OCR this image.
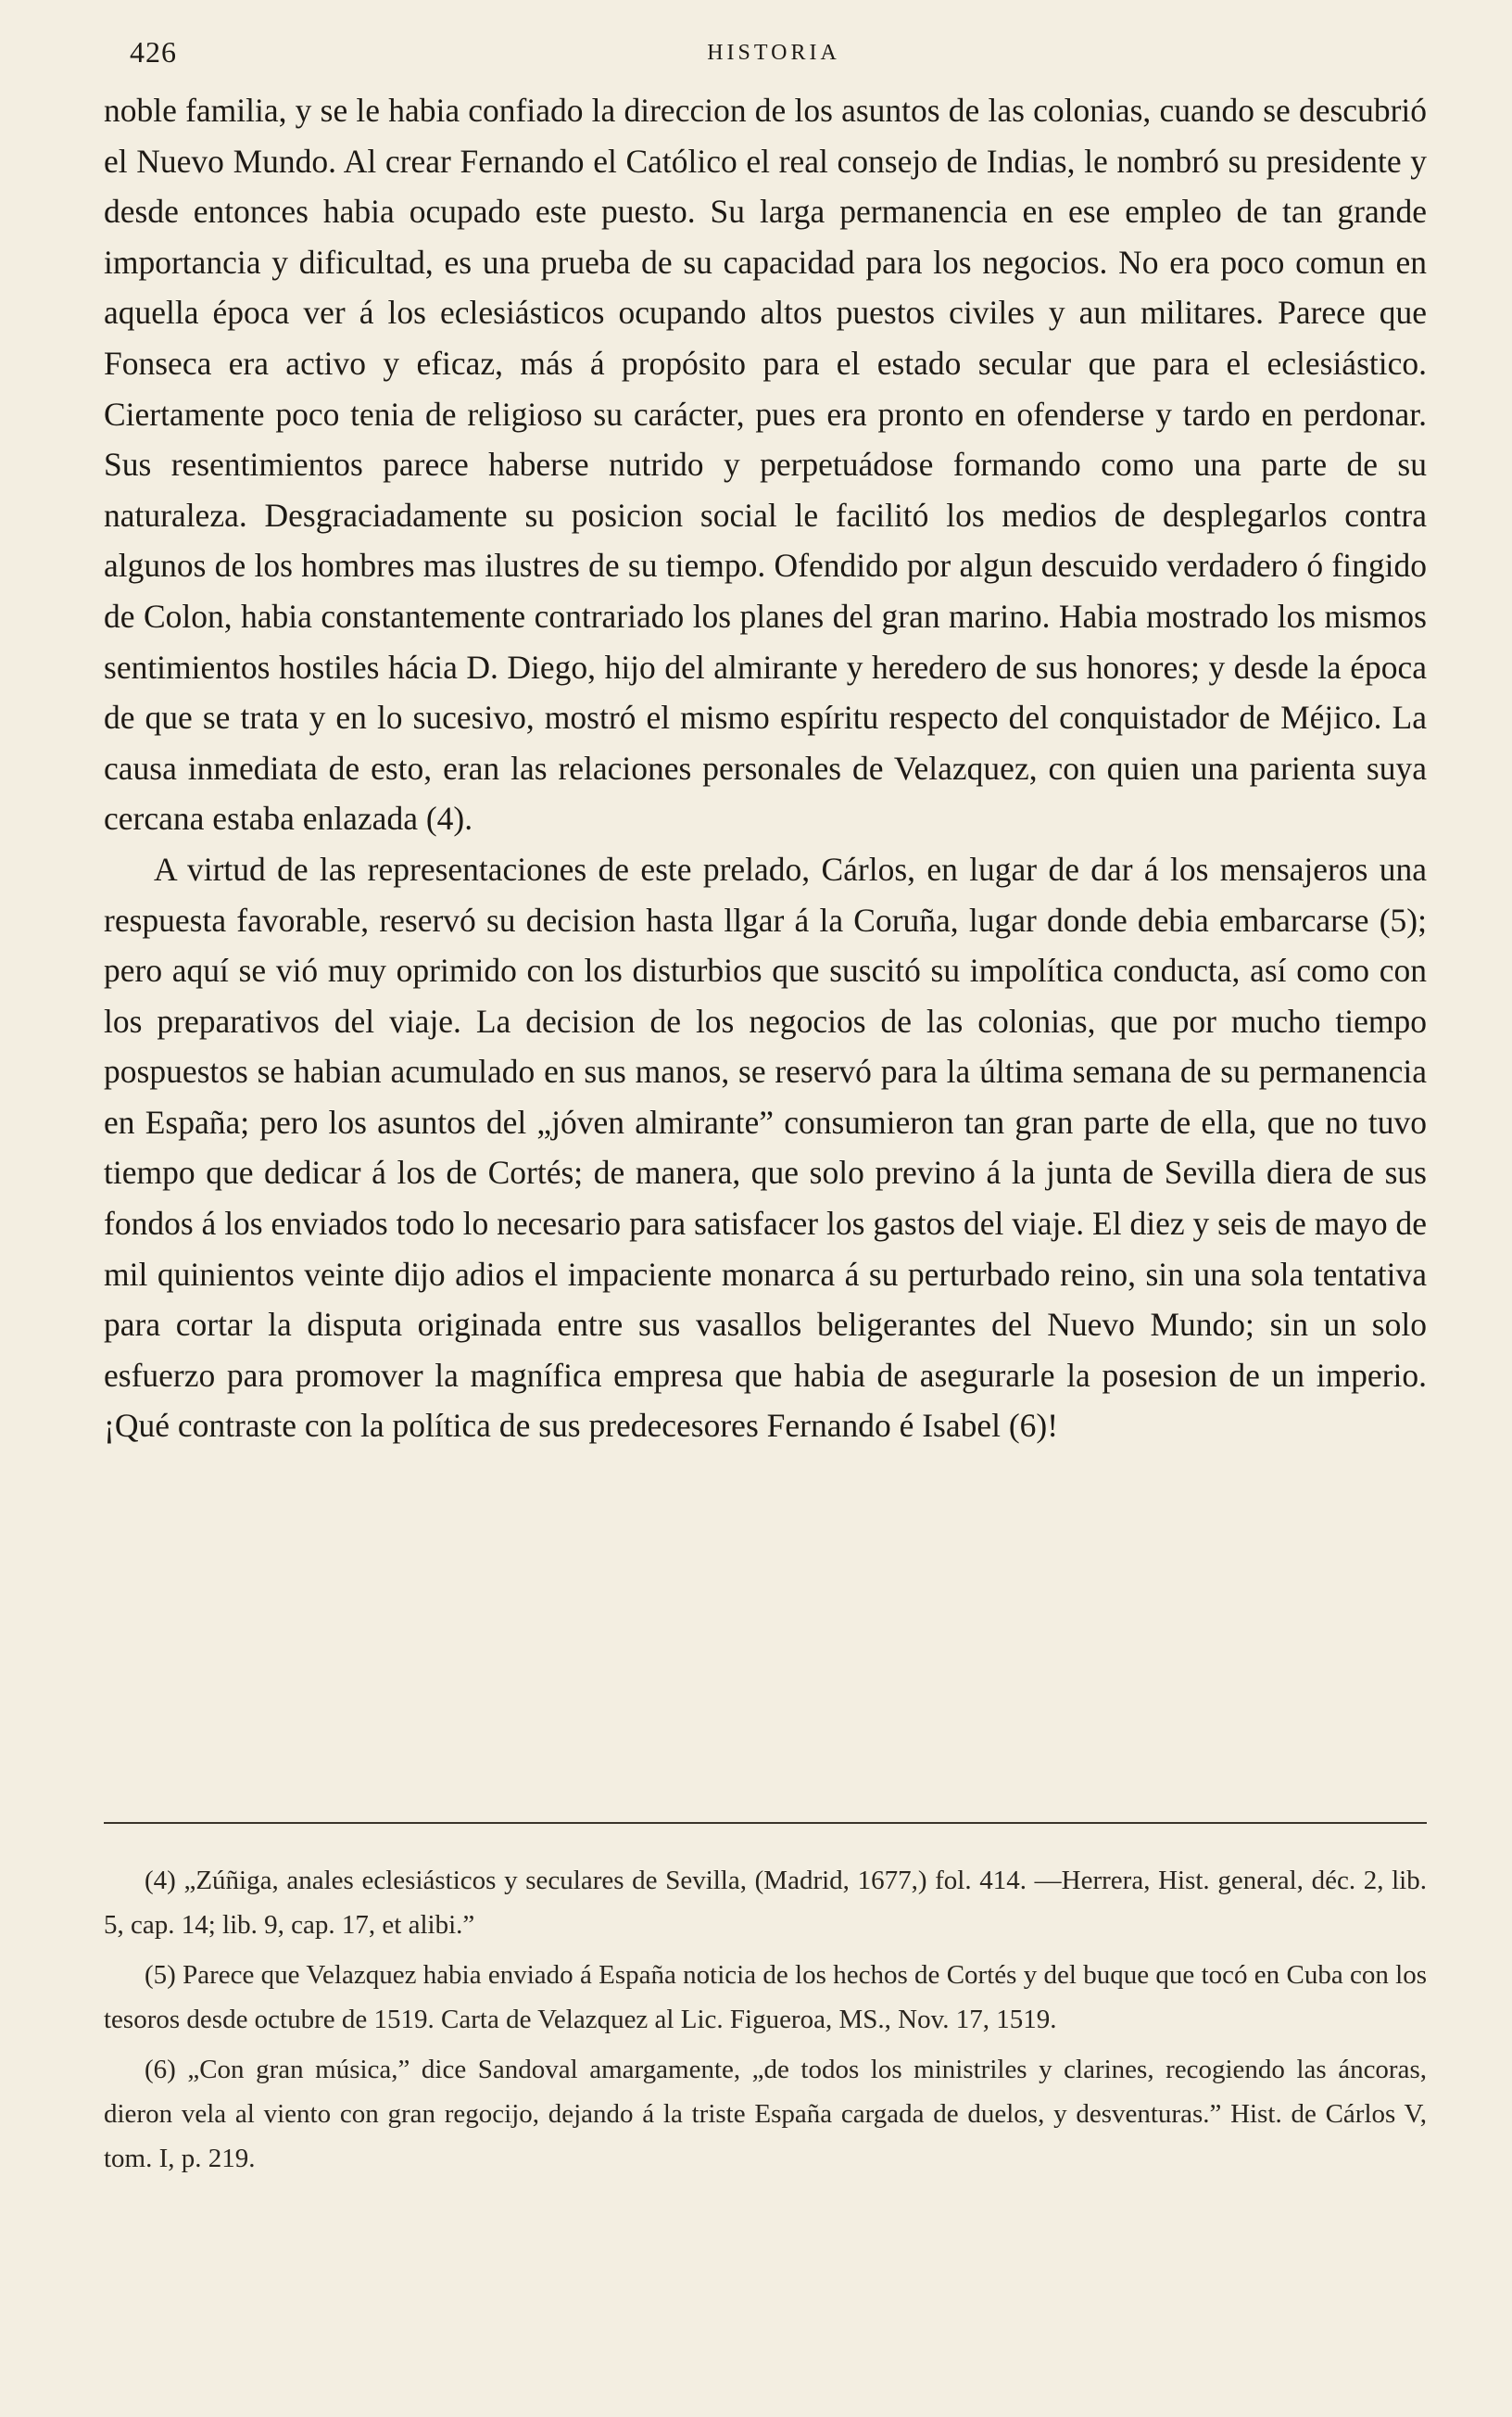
426	HISTORIA

noble familia, y se le habia confiado la direccion de los asuntos de las colonias, cuando se descubrió el Nuevo Mundo. Al crear Fernando el Católico el real consejo de Indias, le nombró su presidente y desde entonces habia ocupado este puesto. Su larga permanencia en ese empleo de tan grande importancia y dificultad, es una prueba de su capacidad para los negocios. No era poco comun en aquella época ver á los eclesiásticos ocupando altos puestos civiles y aun militares. Parece que Fonseca era activo y eficaz, más á propósito para el estado secular que para el eclesiástico. Ciertamente poco tenia de religioso su carácter, pues era pronto en ofenderse y tardo en perdonar. Sus resentimientos parece haberse nutrido y perpetuádose formando como una parte de su naturaleza. Desgraciadamente su posicion social le facilitó los medios de desplegarlos contra algunos de los hombres mas ilustres de su tiempo. Ofendido por algun descuido verdadero ó fingido de Colon, habia constantemente contrariado los planes del gran marino. Habia mostrado los mismos sentimientos hostiles hácia D. Diego, hijo del almirante y heredero de sus honores; y desde la época de que se trata y en lo sucesivo, mostró el mismo espíritu respecto del conquistador de Méjico. La causa inmediata de esto, eran las relaciones personales de Velazquez, con quien una parienta suya cercana estaba enlazada (4).

A virtud de las representaciones de este prelado, Cárlos, en lugar de dar á los mensajeros una respuesta favorable, reservó su decision hasta llgar á la Coruña, lugar donde debia embarcarse (5); pero aquí se vió muy oprimido con los disturbios que suscitó su impolítica conducta, así como con los preparativos del viaje. La decision de los negocios de las colonias, que por mucho tiempo pospuestos se habian acumulado en sus manos, se reservó para la última semana de su permanencia en España; pero los asuntos del „jóven almirante” consumieron tan gran parte de ella, que no tuvo tiempo que dedicar á los de Cortés; de manera, que solo previno á la junta de Sevilla diera de sus fondos á los enviados todo lo necesario para satisfacer los gastos del viaje. El diez y seis de mayo de mil quinientos veinte dijo adios el impaciente monarca á su perturbado reino, sin una sola tentativa para cortar la disputa originada entre sus vasallos beligerantes del Nuevo Mundo; sin un solo esfuerzo para promover la magnífica empresa que habia de asegurarle la posesion de un imperio. ¡Qué contraste con la política de sus predecesores Fernando é Isabel (6)!

(4) „Zúñiga, anales eclesiásticos y seculares de Sevilla, (Madrid, 1677,) fol. 414. —Herrera, Hist. general, déc. 2, lib. 5, cap. 14; lib. 9, cap. 17, et alibi.”

(5) Parece que Velazquez habia enviado á España noticia de los hechos de Cortés y del buque que tocó en Cuba con los tesoros desde octubre de 1519. Carta de Velazquez al Lic. Figueroa, MS., Nov. 17, 1519.

(6) „Con gran música,” dice Sandoval amargamente, „de todos los ministriles y clarines, recogiendo las áncoras, dieron vela al viento con gran regocijo, dejando á la triste España cargada de duelos, y desventuras.” Hist. de Cárlos V, tom. I, p. 219.
